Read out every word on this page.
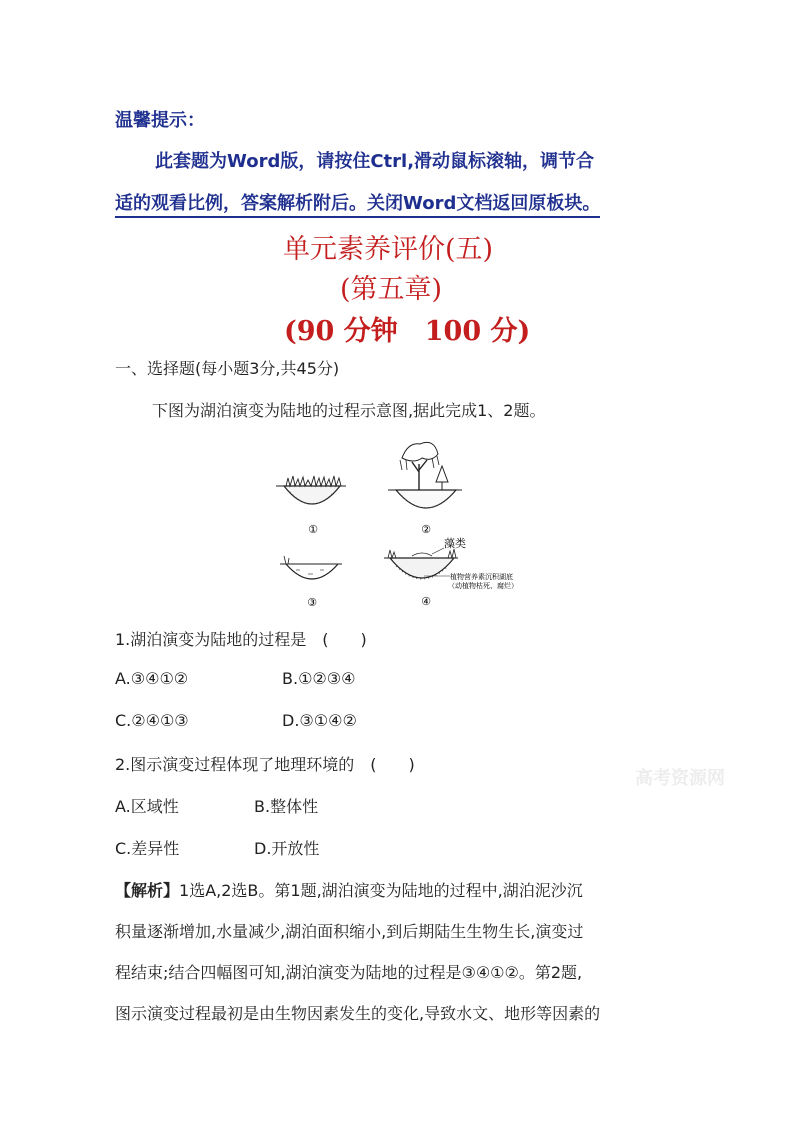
温馨提示：
此套题为Word版，请按住Ctrl,滑动鼠标滚轴，调节合
适的观看比例，答案解析附后。关闭Word文档返回原板块。
单元素养评价(五)
(第五章)
(90 分钟　100 分)
一、选择题(每小题3分,共45分)
下图为湖泊演变为陆地的过程示意图,据此完成1、2题。
①	②
③
藻类
植物营养素沉积湖底
（动植物枯死、腐烂）
④
1.湖泊演变为陆地的过程是　(　　)
A.③④①②	B.①②③④
C.②④①③	D.③①④②
2.图示演变过程体现了地理环境的　(　　)
A.区域性	B.整体性
C.差异性	D.开放性
高考资源网
【解析】1选A,2选B。第1题,湖泊演变为陆地的过程中,湖泊泥沙沉
积量逐渐增加,水量减少,湖泊面积缩小,到后期陆生生物生长,演变过
程结束;结合四幅图可知,湖泊演变为陆地的过程是③④①②。第2题,
图示演变过程最初是由生物因素发生的变化,导致水文、地形等因素的
